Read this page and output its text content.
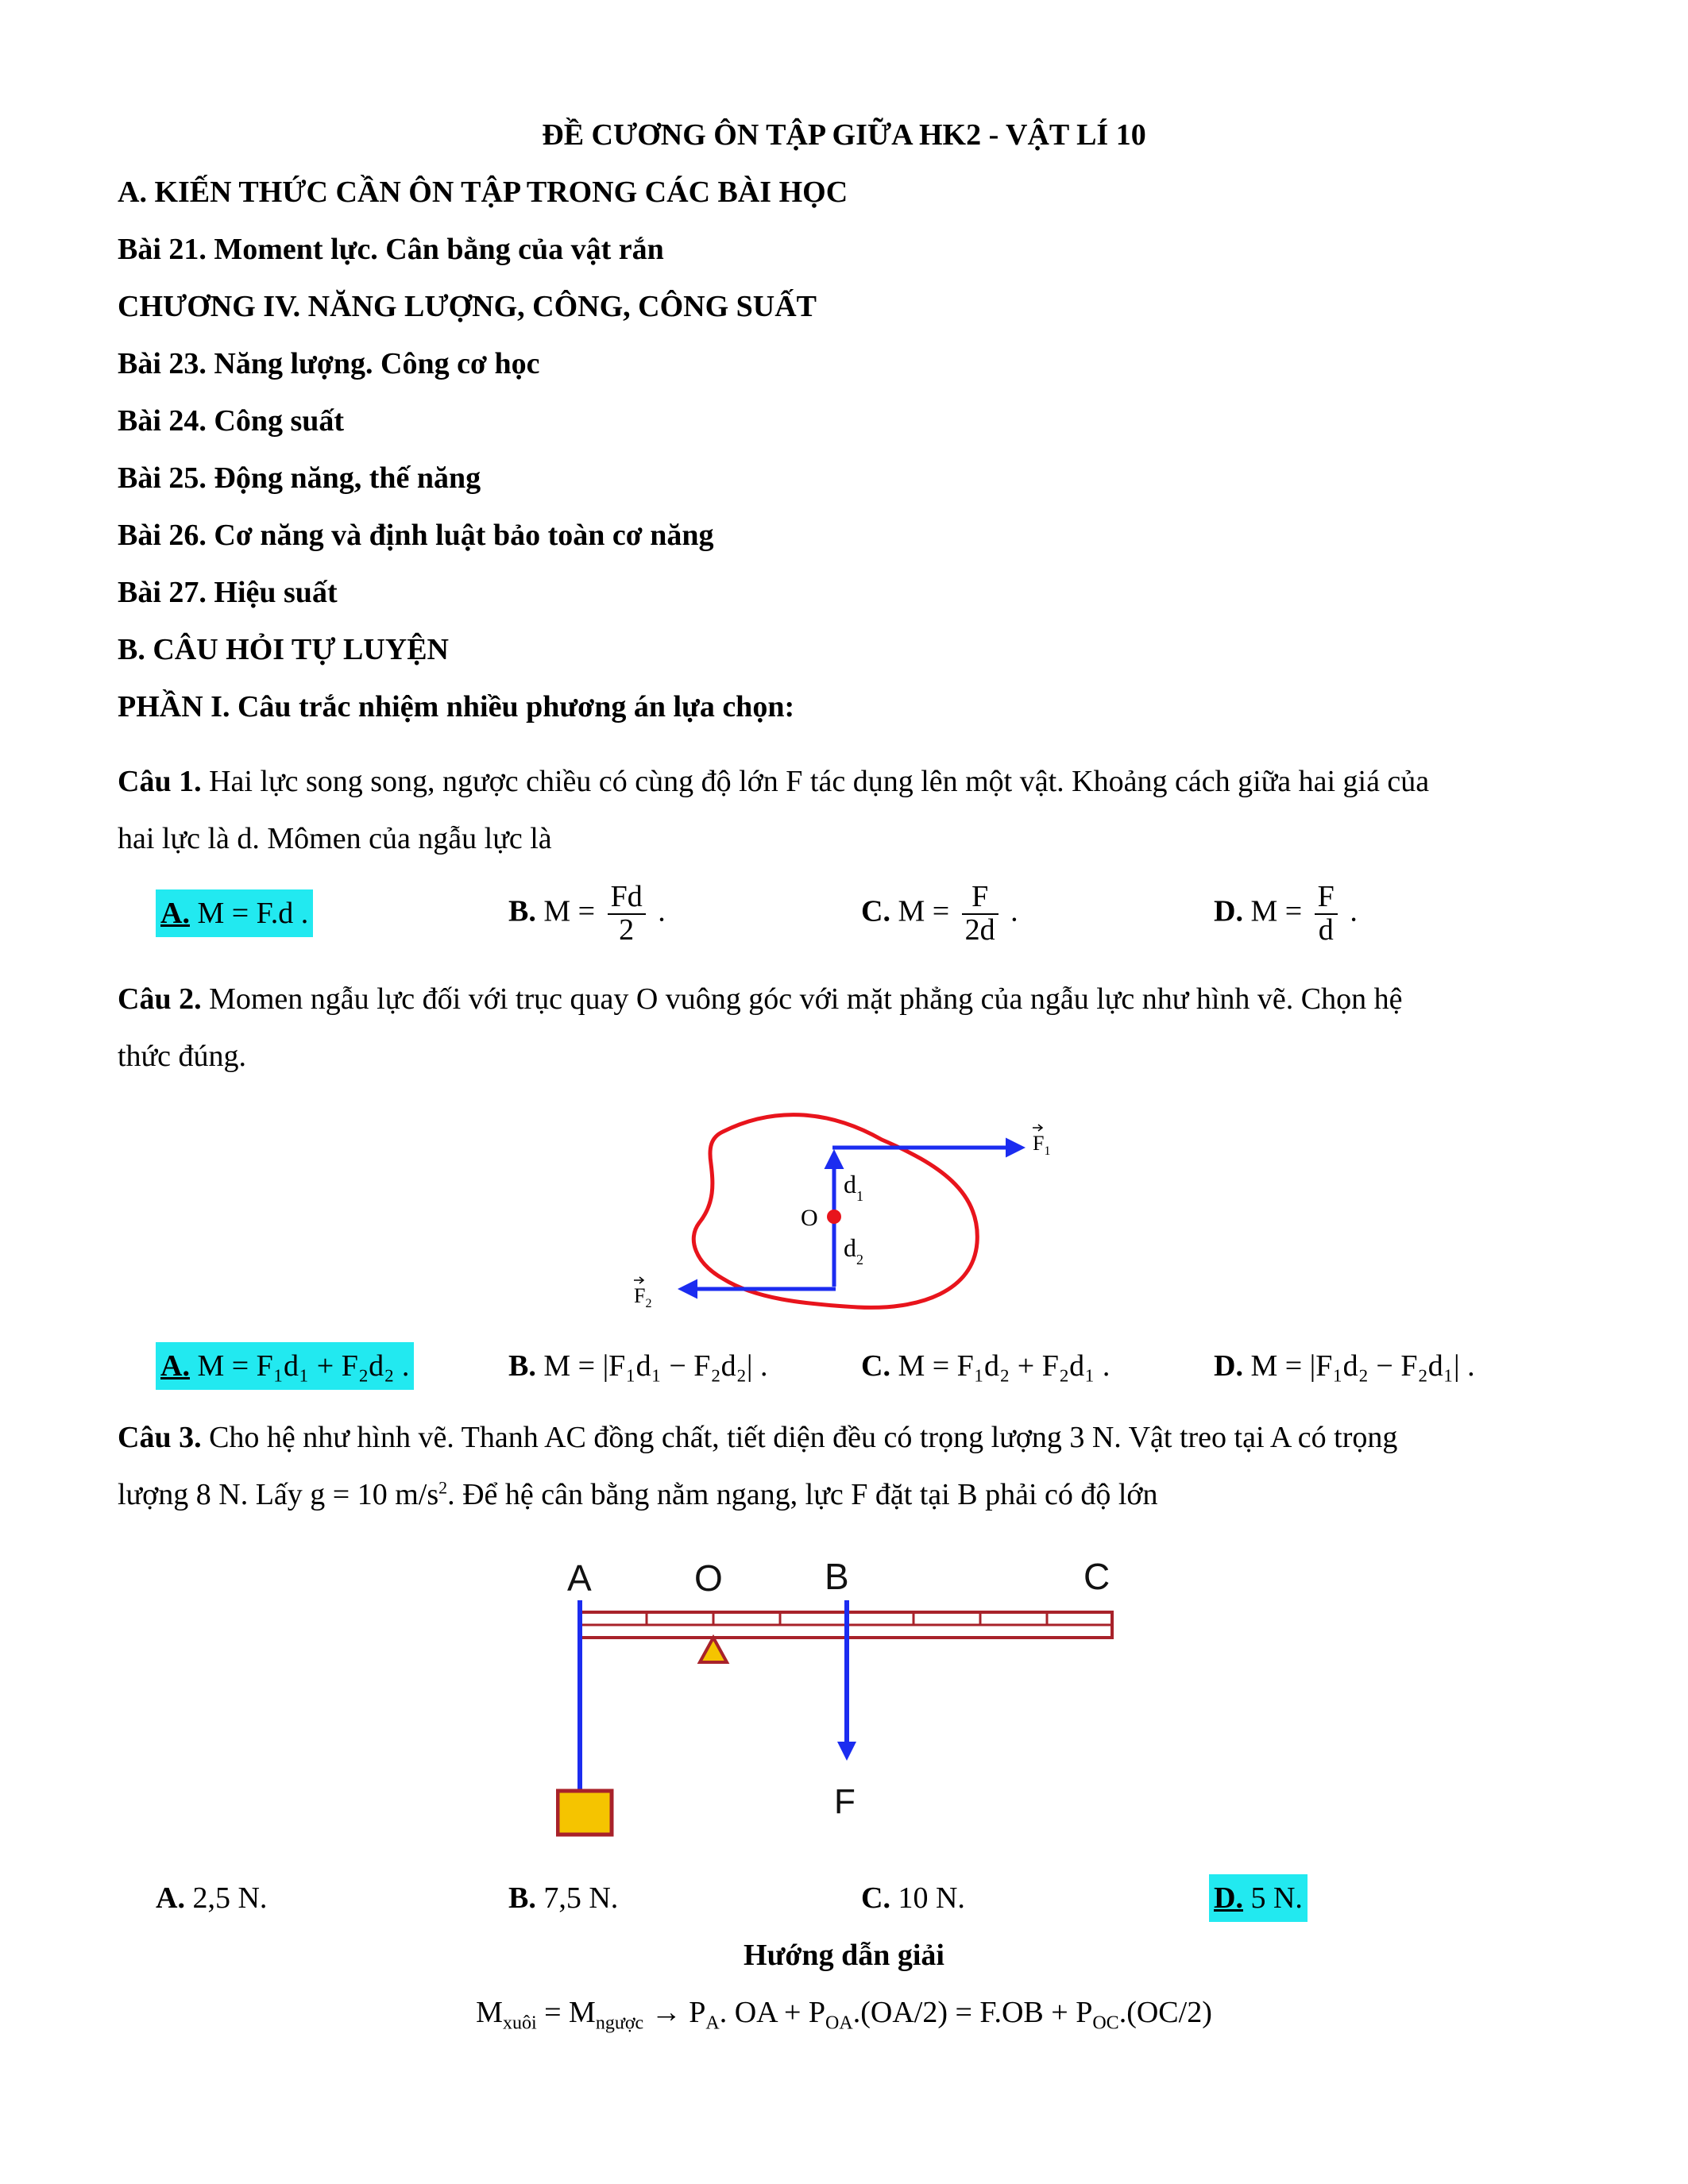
ĐỀ CƯƠNG ÔN TẬP GIỮA HK2 - VẬT LÍ 10
A. KIẾN THỨC CẦN ÔN TẬP TRONG CÁC BÀI HỌC
Bài 21. Moment lực. Cân bằng của vật rắn
CHƯƠNG IV. NĂNG LƯỢNG, CÔNG, CÔNG SUẤT
Bài 23. Năng lượng. Công cơ học
Bài 24. Công suất
Bài 25. Động năng, thế năng
Bài 26. Cơ năng và định luật bảo toàn cơ năng
Bài 27. Hiệu suất
B. CÂU HỎI TỰ LUYỆN
PHẦN I. Câu trắc nhiệm nhiều phương án lựa chọn:
Câu 1. Hai lực song song, ngược chiều có cùng độ lớn F tác dụng lên một vật. Khoảng cách giữa hai giá của
hai lực là d. Mômen của ngẫu lực là
A. M = F.d .	B. $M = \frac{Fd}{2}$ .	C. $M = \frac{F}{2d}$ .	D. $M = \frac{F}{d}$ .
Câu 2. Momen ngẫu lực đối với trục quay O vuông góc với mặt phẳng của ngẫu lực như hình vẽ. Chọn hệ
thức đúng.
O
$d_1$
$d_2$
$F_1$
$F_2$
A. M = F₁d₁ + F₂d₂ .	B. M = |F₁d₁ − F₂d₂| .	C. M = F₁d₂ + F₂d₁ .	D. M = |F₁d₂ − F₂d₁| .
Câu 3. Cho hệ như hình vẽ. Thanh AC đồng chất, tiết diện đều có trọng lượng 3 N. Vật treo tại A có trọng
lượng 8 N. Lấy g = 10 $m/s^2$. Để hệ cân bằng nằm ngang, lực F đặt tại B phải có độ lớn
A	O	B	C
F
A. 2,5 N.	B. 7,5 N.	C. 10 N.	D. 5 N.
Hướng dẫn giải
$M_{xuôi} = M_{ngược} \to P_A$. OA + $P_{OA}.(OA/2) = F.OB + P_{OC}.(OC/2)$
